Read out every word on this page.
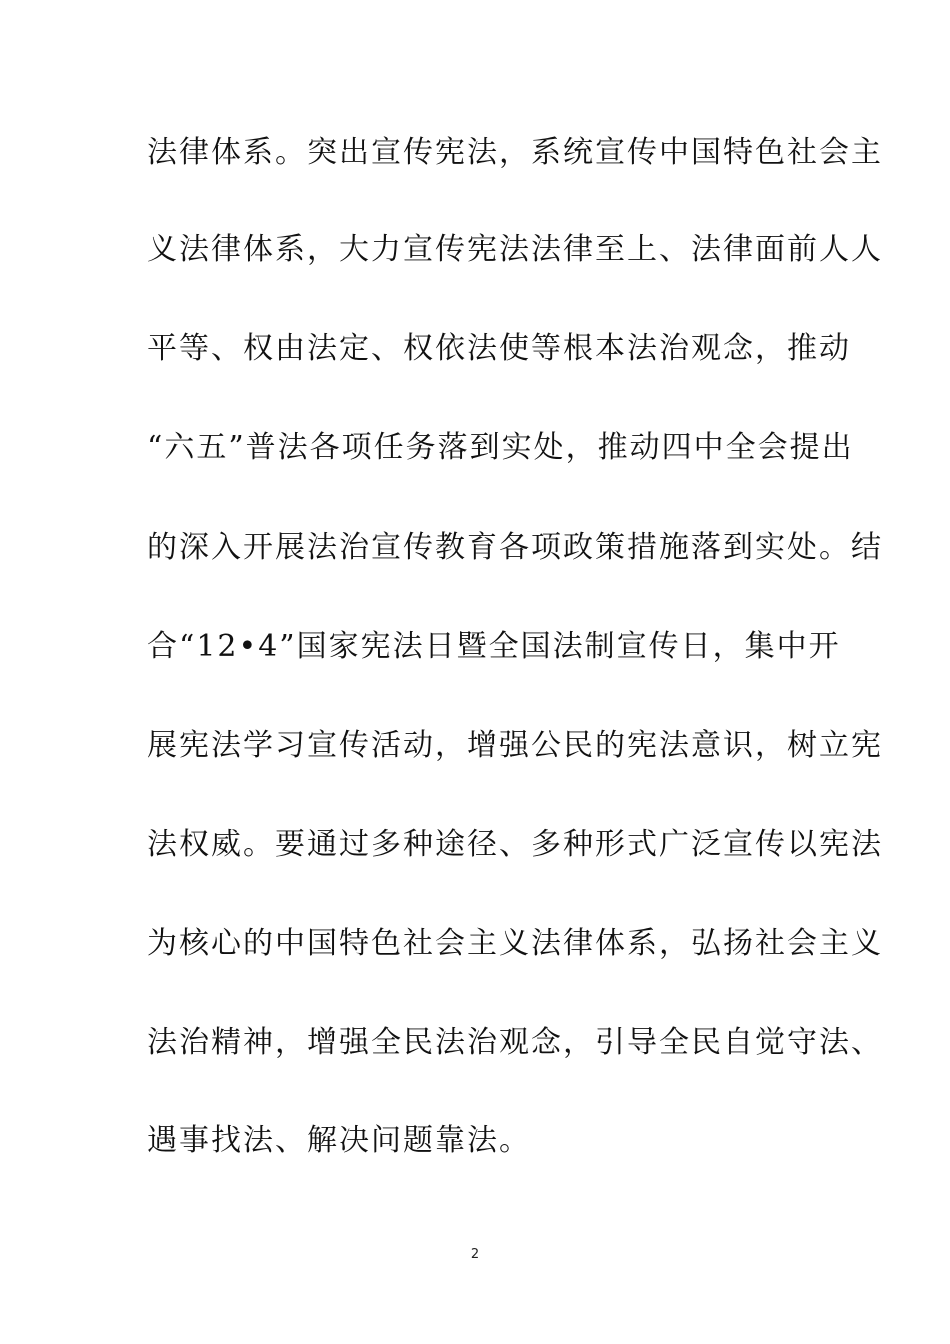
法律体系。突出宣传宪法，系统宣传中国特色社会主
义法律体系，大力宣传宪法法律至上、法律面前人人
平等、权由法定、权依法使等根本法治观念，推动
“六五”普法各项任务落到实处，推动四中全会提出
的深入开展法治宣传教育各项政策措施落到实处。结
合“12•4”国家宪法日暨全国法制宣传日，集中开
展宪法学习宣传活动，增强公民的宪法意识，树立宪
法权威。要通过多种途径、多种形式广泛宣传以宪法
为核心的中国特色社会主义法律体系，弘扬社会主义
法治精神，增强全民法治观念，引导全民自觉守法、
遇事找法、解决问题靠法。
2
